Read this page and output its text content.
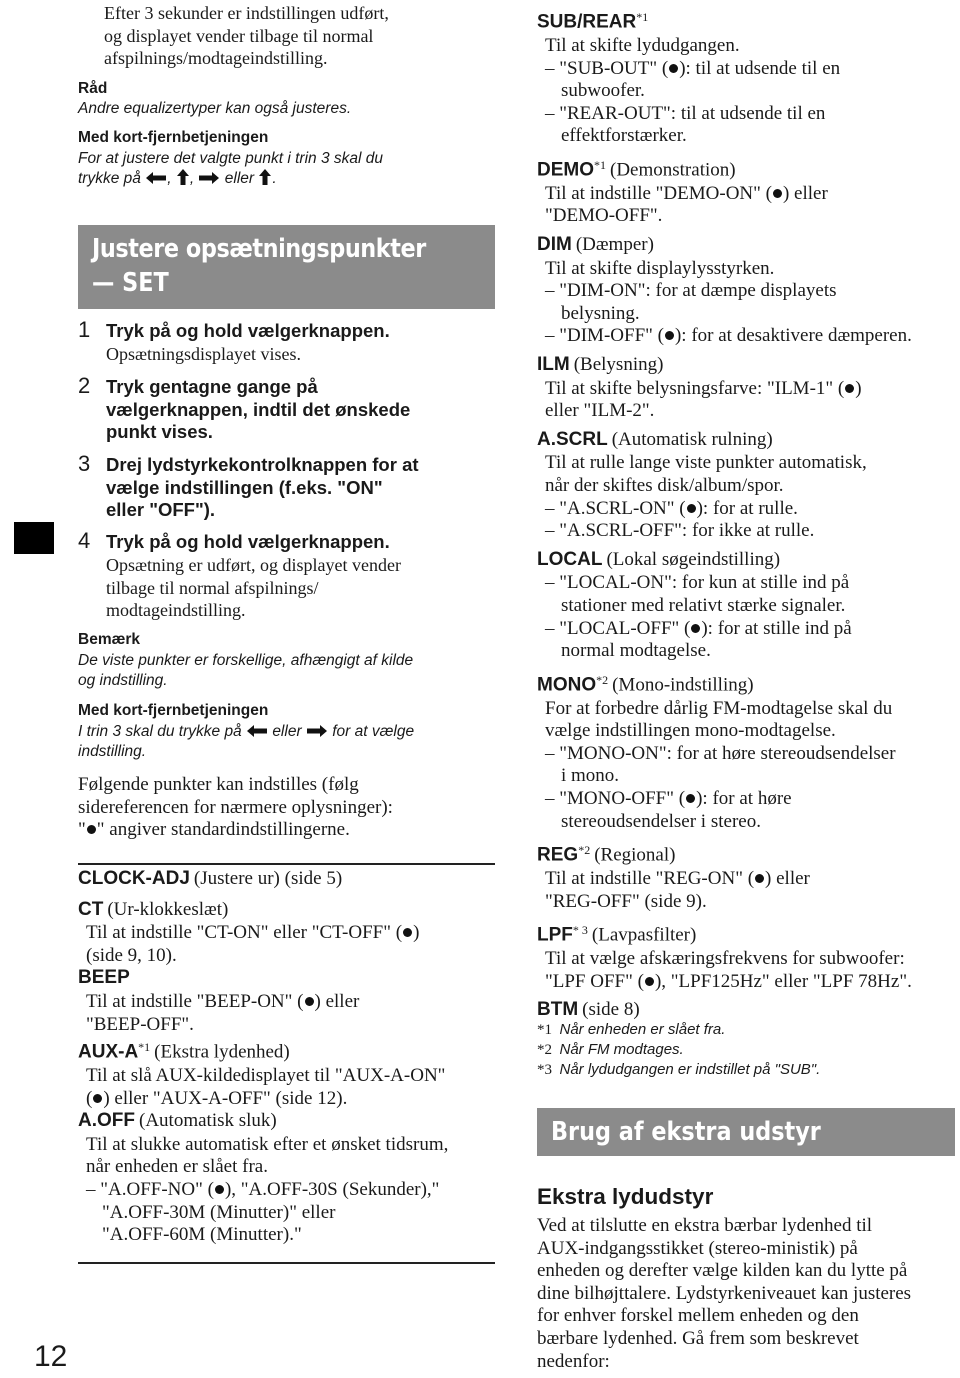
12
Efter 3 sekunder er indstillingen udført,
og displayet vender tilbage til normal
afspilnings/modtageindstilling.
Råd
Andre equalizertyper kan også justeres.
Med kort-fjernbetjeningen
For at justere det valgte punkt i trin 3 skal du
trykke på , , eller .
Justere opsætningspunkter
— SET
1 Tryk på og hold vælgerknappen.
Opsætningsdisplayet vises.
2 Tryk gentagne gange på
vælgerknappen, indtil det ønskede
punkt vises.
3 Drej lydstyrkekontrolknappen for at
vælge indstillingen (f.eks. "ON"
eller "OFF").
4 Tryk på og hold vælgerknappen.
Opsætning er udført, og displayet vender
tilbage til normal afspilnings/
modtageindstilling.
Bemærk
De viste punkter er forskellige, afhængigt af kilde
og indstilling.
Med kort-fjernbetjeningen
I trin 3 skal du trykke på eller for at vælge
indstilling.
Følgende punkter kan indstilles (følg
sidereferencen for nærmere oplysninger):
" " angiver standardindstillingerne.
CLOCK-ADJ (Justere ur) (side 5)
CT (Ur-klokkeslæt)
Til at indstille "CT-ON" eller "CT-OFF" ( )
(side 9, 10).
BEEP
Til at indstille "BEEP-ON" ( ) eller
"BEEP-OFF".
AUX-$A^{*1}$ (Ekstra lydenhed)
Til at slå AUX-kildedisplayet til "AUX-A-ON"
( ) eller "AUX-A-OFF" (side 12).
A.OFF (Automatisk sluk)
Til at slukke automatisk efter et ønsket tidsrum,
når enheden er slået fra.
– "A.OFF-NO" ( ), "A.OFF-30S (Sekunder),"
"A.OFF-30M (Minutter)" eller
"A.OFF-60M (Minutter)."
SUB/REAR$^{*1}$
Til at skifte lydudgangen.
– "SUB-OUT" ( ): til at udsende til en
subwoofer.
– "REAR-OUT": til at udsende til en
effektforstærker.
DEMO$^{*1}$ (Demonstration)
Til at indstille "DEMO-ON" ( ) eller
"DEMO-OFF".
DIM (Dæmper)
Til at skifte displaylysstyrken.
– "DIM-ON": for at dæmpe displayets
belysning.
– "DIM-OFF" ( ): for at desaktivere dæmperen.
ILM (Belysning)
Til at skifte belysningsfarve: "ILM-1" ( )
eller "ILM-2".
A.SCRL (Automatisk rulning)
Til at rulle lange viste punkter automatisk,
når der skiftes disk/album/spor.
– "A.SCRL-ON" ( ): for at rulle.
– "A.SCRL-OFF": for ikke at rulle.
LOCAL (Lokal søgeindstilling)
– "LOCAL-ON": for kun at stille ind på
stationer med relativt stærke signaler.
– "LOCAL-OFF" ( ): for at stille ind på
normal modtagelse.
MONO$^{*2}$ (Mono-indstilling)
For at forbedre dårlig FM-modtagelse skal du
vælge indstillingen mono-modtagelse.
– "MONO-ON": for at høre stereoudsendelser
i mono.
– "MONO-OFF" ( ): for at høre
stereoudsendelser i stereo.
REG$^{*2}$ (Regional)
Til at indstille "REG-ON" ( ) eller
"REG-OFF" (side 9).
LPF$^{* 3}$ (Lavpasfilter)
Til at vælge afskæringsfrekvens for subwoofer:
"LPF OFF" ( ), "LPF125Hz" eller "LPF 78Hz".
BTM (side 8)
*1 Når enheden er slået fra.
*2 Når FM modtages.
*3 Når lydudgangen er indstillet på "SUB".
Brug af ekstra udstyr
Ekstra lydudstyr
Ved at tilslutte en ekstra bærbar lydenhed til
AUX-indgangsstikket (stereo-ministik) på
enheden og derefter vælge kilden kan du lytte på
dine bilhøjttalere. Lydstyrkeniveauet kan justeres
for enhver forskel mellem enheden og den
bærbare lydenhed. Gå frem som beskrevet
nedenfor:
